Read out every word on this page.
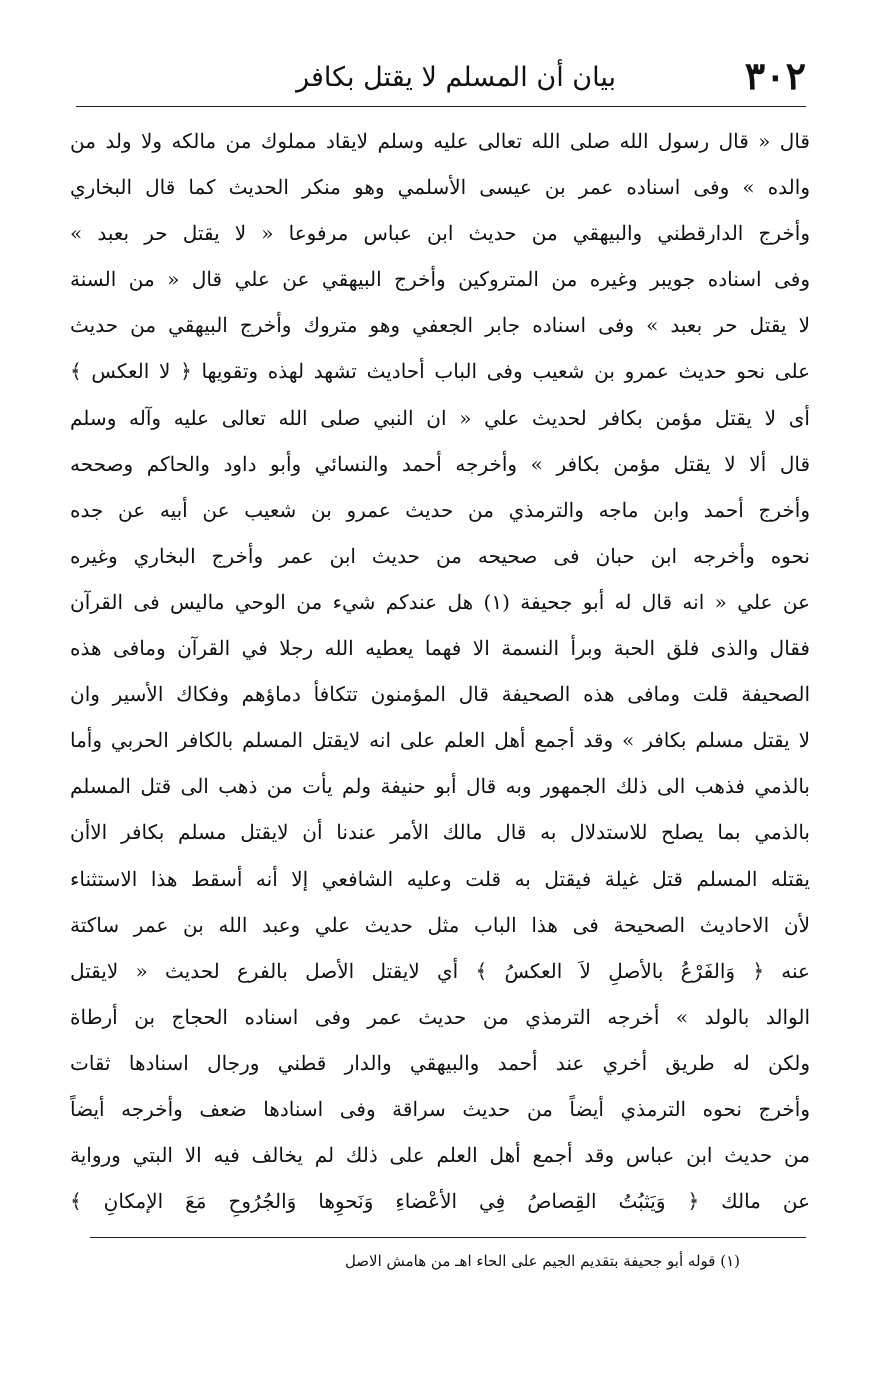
٣٠٢
بيان أن المسلم لا يقتل بكافر
قال « قال رسول الله صلى الله تعالى عليه وسلم لايقاد مملوك من مالكه ولا ولد من
والده » وفى اسناده عمر بن عيسى الأسلمي وهو منكر الحديث كما قال البخاري
وأخرج الدارقطني والبيهقي من حديث ابن عباس مرفوعا « لا يقتل حر بعبد »
وفى اسناده جويبر وغيره من المتروكين وأخرج البيهقي عن علي قال « من السنة
لا يقتل حر بعبد » وفى اسناده جابر الجعفي وهو متروك وأخرج البيهقي من حديث
على نحو حديث عمرو بن شعيب وفى الباب أحاديث تشهد لهذه وتقويها ﴿ لا العكس ﴾
أى لا يقتل مؤمن بكافر لحديث علي « ان النبي صلى الله تعالى عليه وآله وسلم
قال ألا لا يقتل مؤمن بكافر » وأخرجه أحمد والنسائي وأبو داود والحاكم وصححه
وأخرج أحمد وابن ماجه والترمذي من حديث عمرو بن شعيب عن أبيه عن جده
نحوه وأخرجه ابن حبان فى صحيحه من حديث ابن عمر وأخرج البخاري وغيره
عن علي « انه قال له أبو جحيفة (١) هل عندكم شيء من الوحي ماليس فى القرآن
فقال والذى فلق الحبة وبرأ النسمة الا فهما يعطيه الله رجلا في القرآن ومافى هذه
الصحيفة قلت ومافى هذه الصحيفة قال المؤمنون تتكافأ دماؤهم وفكاك الأسير وان
لا يقتل مسلم بكافر » وقد أجمع أهل العلم على انه لايقتل المسلم بالكافر الحربي وأما
بالذمي فذهب الى ذلك الجمهور وبه قال أبو حنيفة ولم يأت من ذهب الى قتل المسلم
بالذمي بما يصلح للاستدلال به قال مالك الأمر عندنا أن لايقتل مسلم بكافر الاأن
يقتله المسلم قتل غيلة فيقتل به قلت وعليه الشافعي إلا أنه أسقط هذا الاستثناء
لأن الاحاديث الصحيحة فى هذا الباب مثل حديث علي وعبد الله بن عمر ساكتة
عنه ﴿ وَالفَرْعُ بالأصلِ لاَ العكسُ ﴾ أي لايقتل الأصل بالفرع لحديث « لايقتل
الوالد بالولد » أخرجه الترمذي من حديث عمر وفى اسناده الحجاج بن أرطاة
ولكن له طريق أخري عند أحمد والبيهقي والدار قطني ورجال اسنادها ثقات
وأخرج نحوه الترمذي أيضاً من حديث سراقة وفى اسنادها ضعف وأخرجه أيضاً
من حديث ابن عباس وقد أجمع أهل العلم على ذلك لم يخالف فيه الا البتي ورواية
عن مالك ﴿ وَيَثبُتُ القِصاصُ فِي الأعْضاءِ وَنَحوِها وَالجُرُوحِ مَعَ الإمكانِ ﴾
(١) قوله أبو جحيفة بتقديم الجيم على الحاء اهـ من هامش الاصل
